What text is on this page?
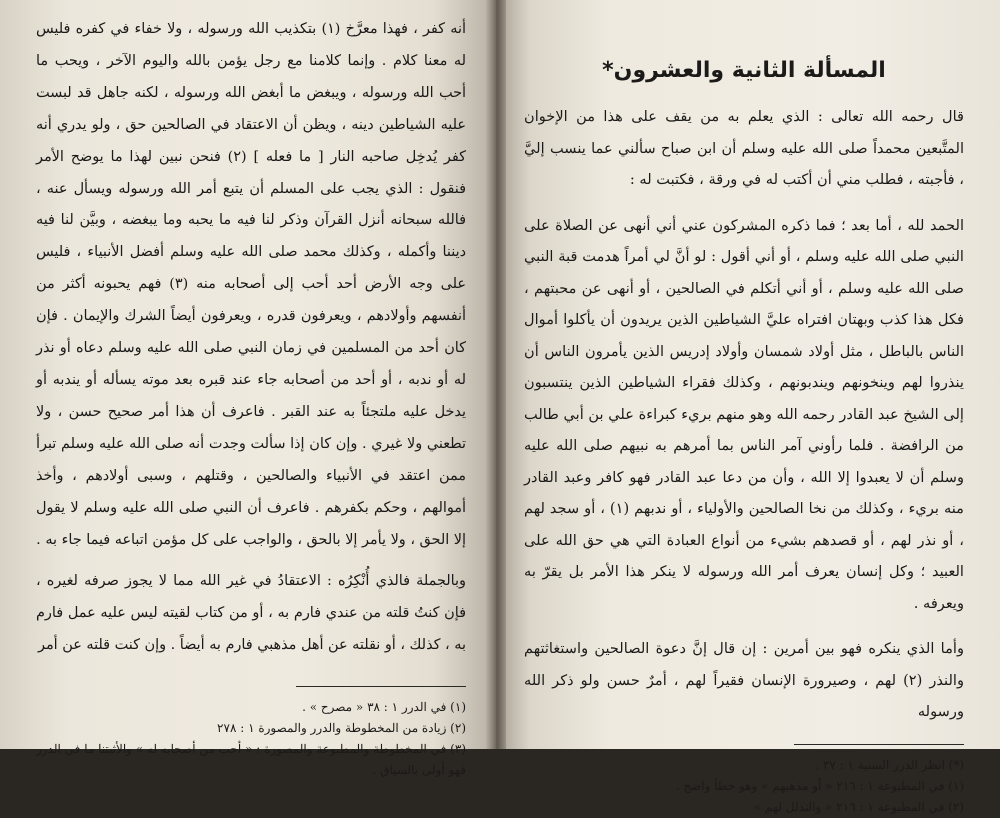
أنه كفر ، فهذا معرَّخ (١) بتكذيب الله ورسوله ، ولا خفاء في كفره فليس له معنا كلام . وإنما كلامنا مع رجل يؤمن بالله واليوم الآخر ، ويحب ما أحب الله ورسوله ، ويبغض ما أبغض الله ورسوله ، لكنه جاهل قد لبست عليه الشياطين دينه ، ويظن أن الاعتقاد في الصالحين حق ، ولو يدري أنه كفر يُدخِل صاحبه النار [ ما فعله ] (٢) فنحن نبين لهذا ما يوضح الأمر فنقول : الذي يجب على المسلم أن يتبع أمر الله ورسوله ويسأل عنه ، فالله سبحانه أنزل القرآن وذكر لنا فيه ما يحبه وما يبغضه ، وبيَّن لنا فيه ديننا وأكمله ، وكذلك محمد صلى الله عليه وسلم أفضل الأنبياء ، فليس على وجه الأرض أحد أحب إلى أصحابه منه (٣) فهم يحبونه أكثر من أنفسهم وأولادهم ، ويعرفون قدره ، ويعرفون أيضاً الشرك والإيمان . فإن كان أحد من المسلمين في زمان النبي صلى الله عليه وسلم دعاه أو نذر له أو ندبه ، أو أحد من أصحابه جاء عند قبره بعد موته يسأله أو يندبه أو يدخل عليه ملتجئاً به عند القبر . فاعرف أن هذا أمر صحيح حسن ، ولا تطعني ولا غيري . وإن كان إذا سألت وجدت أنه صلى الله عليه وسلم تبرأ ممن اعتقد في الأنبياء والصالحين ، وقتلهم ، وسبى أولادهم ، وأخذ أموالهم ، وحكم بكفرهم . فاعرف أن النبي صلى الله عليه وسلم لا يقول إلا الحق ، ولا يأمر إلا بالحق ، والواجب على كل مؤمن اتباعه فيما جاء به .

وبالجملة فالذي أُنْكِرُه : الاعتقادُ في غير الله مما لا يجوز صرفه لغيره ، فإن كنتُ قلته من عندي فارم به ، أو من كتاب لقيته ليس عليه عمل فارم به ، كذلك ، أو نقلته عن أهل مذهبي فارم به أيضاً . وإن كنت قلته عن أمر

(١) في الدرر ١ : ٣٨ « مصرح » .

(٢) زيادة من المخطوطة والدرر والمصورة ١ : ٢٧٨

(٣) في المخطوطة والمطبوعة والمصورة : « أحب من أصحابه له » والأثبتنا ما في الدرر فهو أولى بالسياق .

المسألة الثانية والعشرون*

قال رحمه الله تعالى : الذي يعلم به من يقف على هذا من الإخوان المتَّبعين محمداً صلى الله عليه وسلم أن ابن صباح سألني عما ينسب إليَّ ، فأجبته ، فطلب مني أن أكتب له في ورقة ، فكتبت له :

الحمد لله ، أما بعد ؛ فما ذكره المشركون عني أني أنهى عن الصلاة على النبي صلى الله عليه وسلم ، أو أني أقول : لو أنَّ لي أمراً هدمت قبة النبي صلى الله عليه وسلم ، أو أني أتكلم في الصالحين ، أو أنهى عن محبتهم ، فكل هذا كذب وبهتان افتراه عليَّ الشياطين الذين يريدون أن يأكلوا أموال الناس بالباطل ، مثل أولاد شمسان وأولاد إدريس الذين يأمرون الناس أن ينذروا لهم وينخونهم ويندبونهم ، وكذلك فقراء الشياطين الذين ينتسبون إلى الشيخ عبد القادر رحمه الله وهو منهم بريء كبراءة علي بن أبي طالب من الرافضة . فلما رأوني آمر الناس بما أمرهم به نبيهم صلى الله عليه وسلم أن لا يعبدوا إلا الله ، وأن من دعا عبد القادر فهو كافر وعبد القادر منه بريء ، وكذلك من نخا الصالحين والأولياء ، أو ندبهم (١) ، أو سجد لهم ، أو نذر لهم ، أو قصدهم بشيء من أنواع العبادة التي هي حق الله على العبيد ؛ وكل إنسان يعرف أمر الله ورسوله لا ينكر هذا الأمر بل يقرّ به ويعرفه .

وأما الذي ينكره فهو بين أمرين : إن قال إنَّ دعوة الصالحين واستغاثتهم والنذر (٢) لهم ، وصيرورة الإنسان فقيراً لهم ، أمرٌ حسن ولو ذكر الله ورسوله

(*) انظر الدرر السنية ١ : ٣٧ .

(١) في المطبوعة ١ : ٢١٦ « أو مذهبهم » وهو خطأ واضح .

(٢) في المطبوعة ١ : ٢١٦ « والتذلل لهم »
